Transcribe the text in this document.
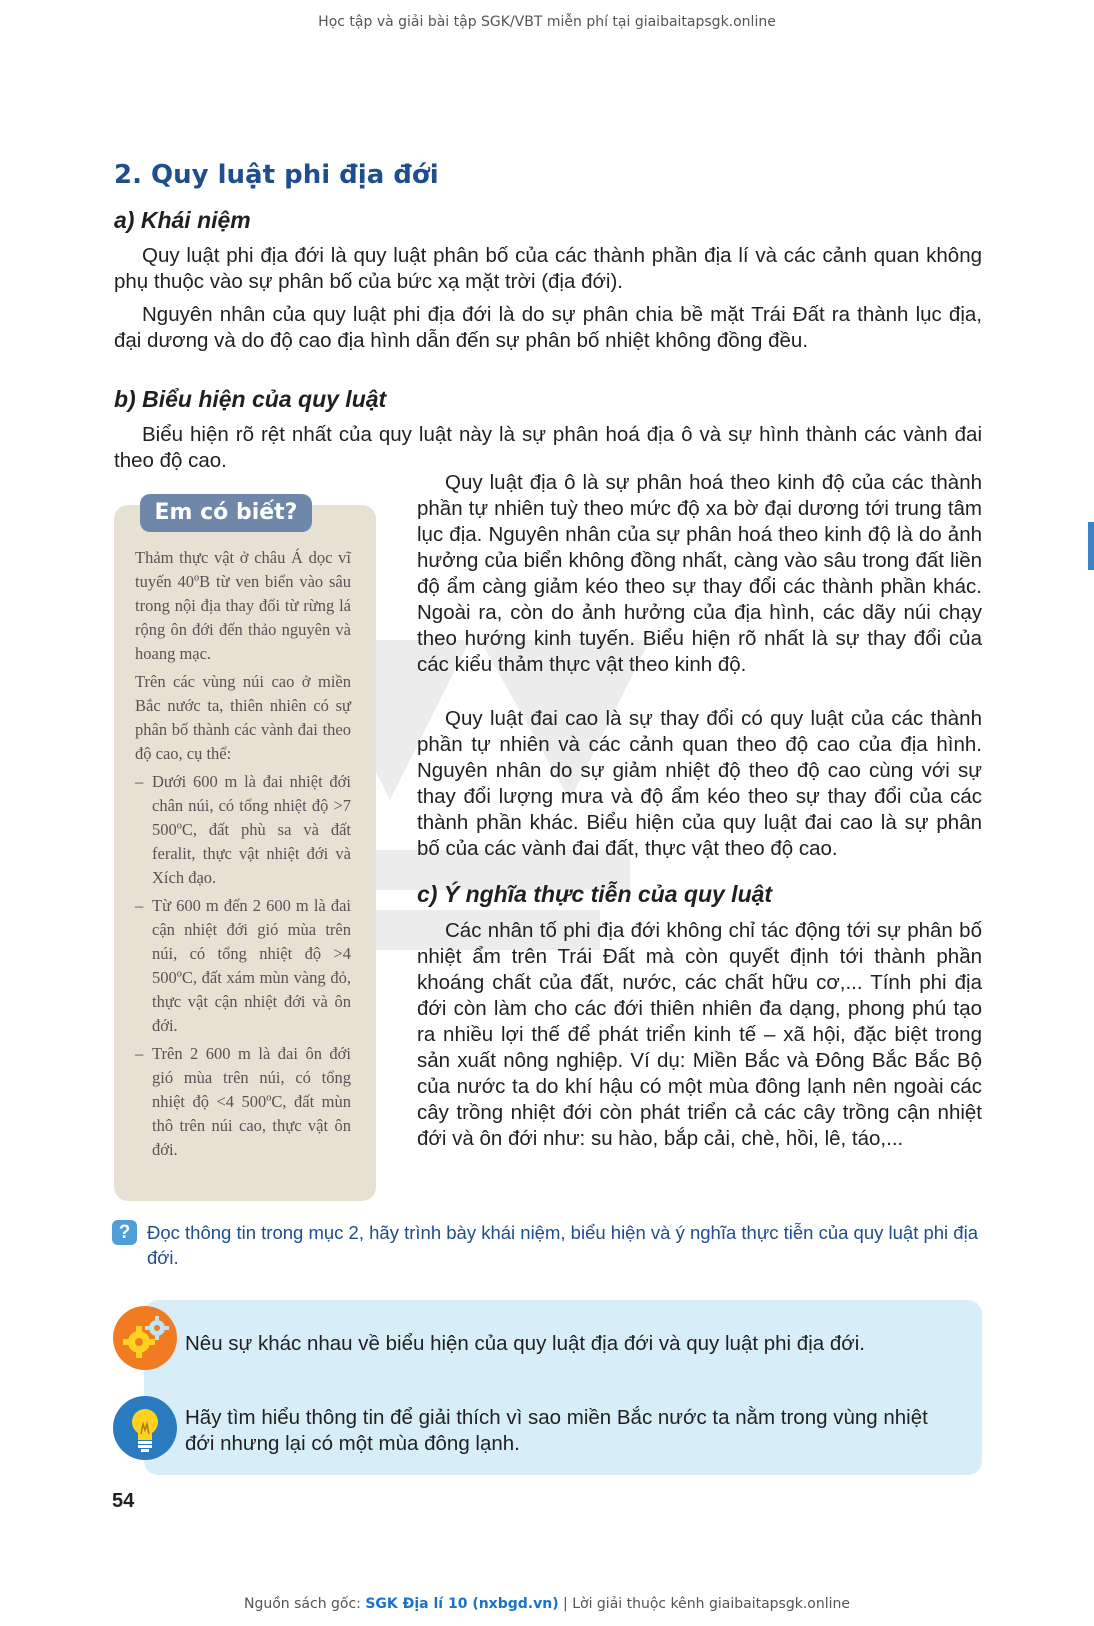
Học tập và giải bài tập SGK/VBT miễn phí tại giaibaitapsgk.online
2. Quy luật phi địa đới
a) Khái niệm

Quy luật phi địa đới là quy luật phân bố của các thành phần địa lí và các cảnh quan không phụ thuộc vào sự phân bố của bức xạ mặt trời (địa đới).

Nguyên nhân của quy luật phi địa đới là do sự phân chia bề mặt Trái Đất ra thành lục địa, đại dương và do độ cao địa hình dẫn đến sự phân bố nhiệt không đồng đều.

b) Biểu hiện của quy luật

Biểu hiện rõ rệt nhất của quy luật này là sự phân hoá địa ô và sự hình thành các vành đai theo độ cao.

Em có biết?

Thảm thực vật ở châu Á dọc vĩ tuyến 40ºB từ ven biển vào sâu trong nội địa thay đổi từ rừng lá rộng ôn đới đến thảo nguyên và hoang mạc.

Trên các vùng núi cao ở miền Bắc nước ta, thiên nhiên có sự phân bố thành các vành đai theo độ cao, cụ thể:

– Dưới 600 m là đai nhiệt đới chân núi, có tổng nhiệt độ >7 500ºC, đất phù sa và đất feralit, thực vật nhiệt đới và Xích đạo.
– Từ 600 m đến 2 600 m là đai cận nhiệt đới gió mùa trên núi, có tổng nhiệt độ >4 500ºC, đất xám mùn vàng đỏ, thực vật cận nhiệt đới và ôn đới.
– Trên 2 600 m là đai ôn đới gió mùa trên núi, có tổng nhiệt độ <4 500ºC, đất mùn thô trên núi cao, thực vật ôn đới.

Quy luật địa ô là sự phân hoá theo kinh độ của các thành phần tự nhiên tuỳ theo mức độ xa bờ đại dương tới trung tâm lục địa. Nguyên nhân của sự phân hoá theo kinh độ là do ảnh hưởng của biển không đồng nhất, càng vào sâu trong đất liền độ ẩm càng giảm kéo theo sự thay đổi các thành phần khác. Ngoài ra, còn do ảnh hưởng của địa hình, các dãy núi chạy theo hướng kinh tuyến. Biểu hiện rõ nhất là sự thay đổi của các kiểu thảm thực vật theo kinh độ.

Quy luật đai cao là sự thay đổi có quy luật của các thành phần tự nhiên và các cảnh quan theo độ cao của địa hình. Nguyên nhân do sự giảm nhiệt độ theo độ cao cùng với sự thay đổi lượng mưa và độ ẩm kéo theo sự thay đổi của các thành phần khác. Biểu hiện của quy luật đai cao là sự phân bố của các vành đai đất, thực vật theo độ cao.

c) Ý nghĩa thực tiễn của quy luật

Các nhân tố phi địa đới không chỉ tác động tới sự phân bố nhiệt ẩm trên Trái Đất mà còn quyết định tới thành phần khoáng chất của đất, nước, các chất hữu cơ,... Tính phi địa đới còn làm cho các đới thiên nhiên đa dạng, phong phú tạo ra nhiều lợi thế để phát triển kinh tế – xã hội, đặc biệt trong sản xuất nông nghiệp. Ví dụ: Miền Bắc và Đông Bắc Bắc Bộ của nước ta do khí hậu có một mùa đông lạnh nên ngoài các cây trồng nhiệt đới còn phát triển cả các cây trồng cận nhiệt đới và ôn đới như: su hào, bắp cải, chè, hồi, lê, táo,...

? Đọc thông tin trong mục 2, hãy trình bày khái niệm, biểu hiện và ý nghĩa thực tiễn của quy luật phi địa đới.

Nêu sự khác nhau về biểu hiện của quy luật địa đới và quy luật phi địa đới.

Hãy tìm hiểu thông tin để giải thích vì sao miền Bắc nước ta nằm trong vùng nhiệt đới nhưng lại có một mùa đông lạnh.

54
Nguồn sách gốc: SGK Địa lí 10 (nxbgd.vn) | Lời giải thuộc kênh giaibaitapsgk.online
